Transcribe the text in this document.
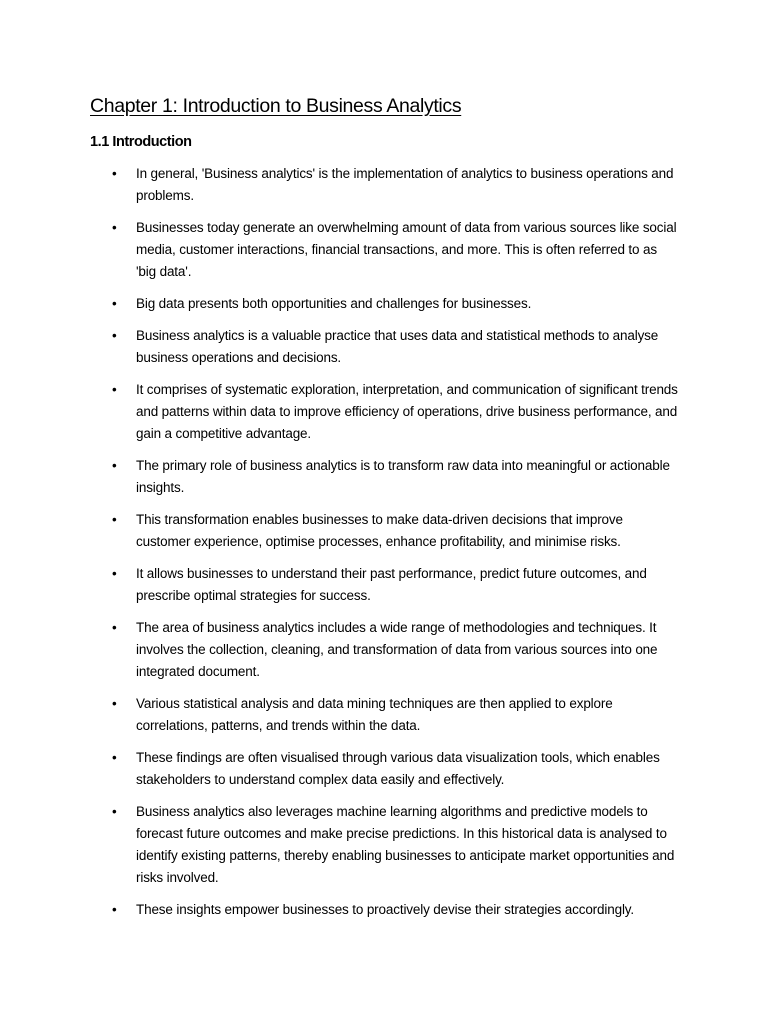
Chapter 1: Introduction to Business Analytics
1.1 Introduction
• In general, 'Business analytics' is the implementation of analytics to business operations and problems.
• Businesses today generate an overwhelming amount of data from various sources like social media, customer interactions, financial transactions, and more. This is often referred to as 'big data'.
• Big data presents both opportunities and challenges for businesses.
• Business analytics is a valuable practice that uses data and statistical methods to analyse business operations and decisions.
• It comprises of systematic exploration, interpretation, and communication of significant trends and patterns within data to improve efficiency of operations, drive business performance, and gain a competitive advantage.
• The primary role of business analytics is to transform raw data into meaningful or actionable insights.
• This transformation enables businesses to make data-driven decisions that improve customer experience, optimise processes, enhance profitability, and minimise risks.
• It allows businesses to understand their past performance, predict future outcomes, and prescribe optimal strategies for success.
• The area of business analytics includes a wide range of methodologies and techniques. It involves the collection, cleaning, and transformation of data from various sources into one integrated document.
• Various statistical analysis and data mining techniques are then applied to explore correlations, patterns, and trends within the data.
• These findings are often visualised through various data visualization tools, which enables stakeholders to understand complex data easily and effectively.
• Business analytics also leverages machine learning algorithms and predictive models to forecast future outcomes and make precise predictions. In this historical data is analysed to identify existing patterns, thereby enabling businesses to anticipate market opportunities and risks involved.
• These insights empower businesses to proactively devise their strategies accordingly.
